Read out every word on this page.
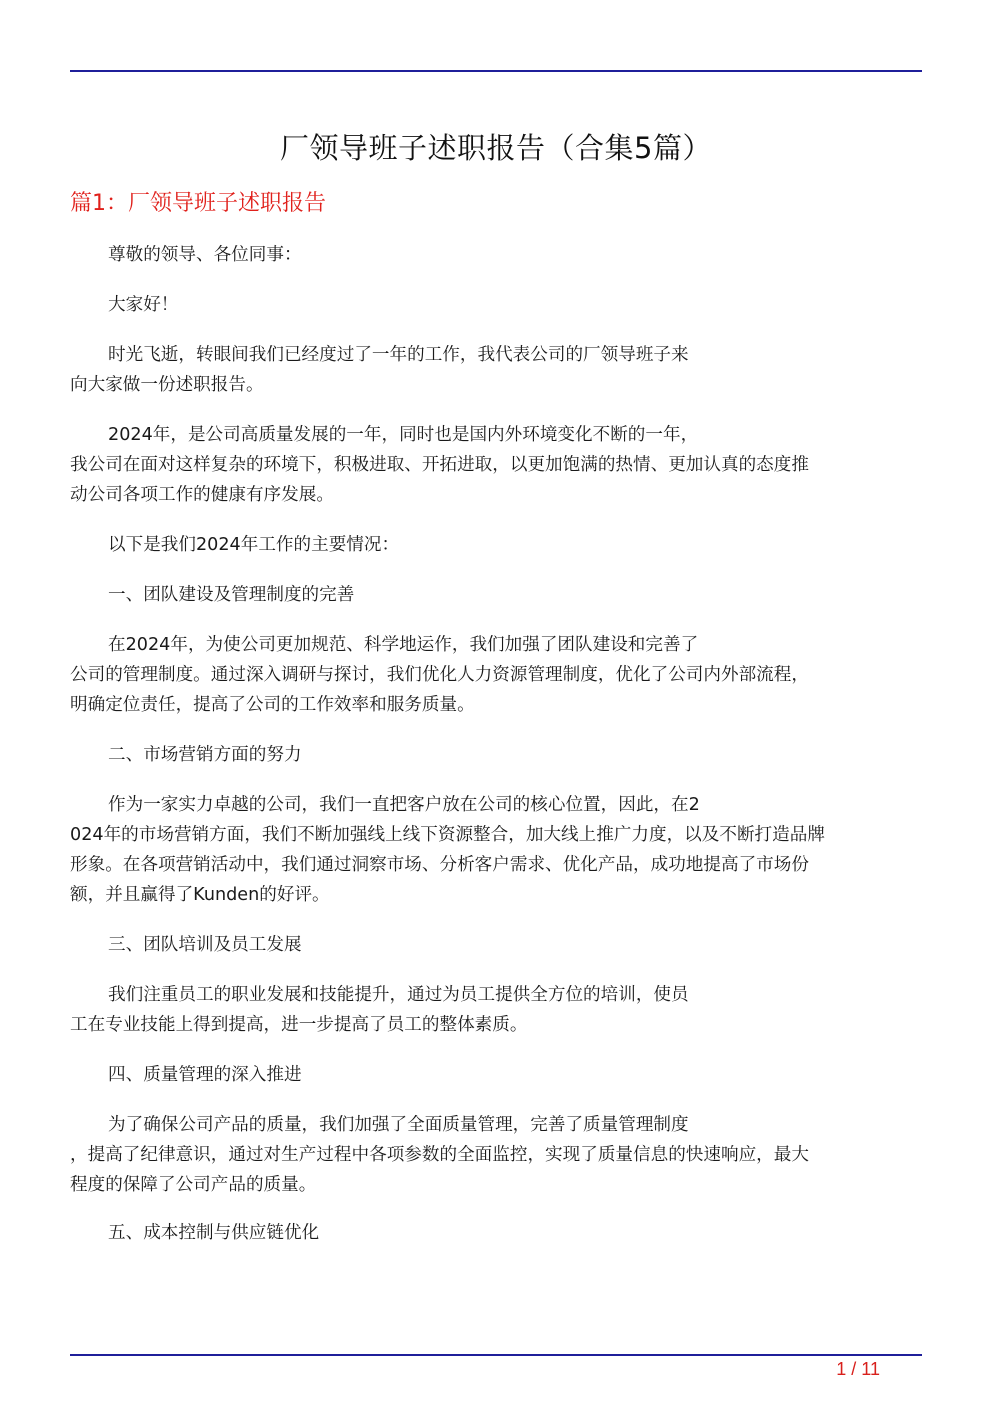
厂领导班子述职报告（合集5篇）
篇1：厂领导班子述职报告
尊敬的领导、各位同事：
大家好！
时光飞逝，转眼间我们已经度过了一年的工作，我代表公司的厂领导班子来
向大家做一份述职报告。
2024年，是公司高质量发展的一年，同时也是国内外环境变化不断的一年，
我公司在面对这样复杂的环境下，积极进取、开拓进取，以更加饱满的热情、更加认真的态度推
动公司各项工作的健康有序发展。
以下是我们2024年工作的主要情况：
一、团队建设及管理制度的完善
在2024年，为使公司更加规范、科学地运作，我们加强了团队建设和完善了
公司的管理制度。通过深入调研与探讨，我们优化人力资源管理制度，优化了公司内外部流程，
明确定位责任，提高了公司的工作效率和服务质量。
二、市场营销方面的努力
作为一家实力卓越的公司，我们一直把客户放在公司的核心位置，因此，在2
024年的市场营销方面，我们不断加强线上线下资源整合，加大线上推广力度，以及不断打造品牌
形象。在各项营销活动中，我们通过洞察市场、分析客户需求、优化产品，成功地提高了市场份
额，并且赢得了Kunden的好评。
三、团队培训及员工发展
我们注重员工的职业发展和技能提升，通过为员工提供全方位的培训，使员
工在专业技能上得到提高，进一步提高了员工的整体素质。
四、质量管理的深入推进
为了确保公司产品的质量，我们加强了全面质量管理，完善了质量管理制度
，提高了纪律意识，通过对生产过程中各项参数的全面监控，实现了质量信息的快速响应，最大
程度的保障了公司产品的质量。
五、成本控制与供应链优化
1 / 11
